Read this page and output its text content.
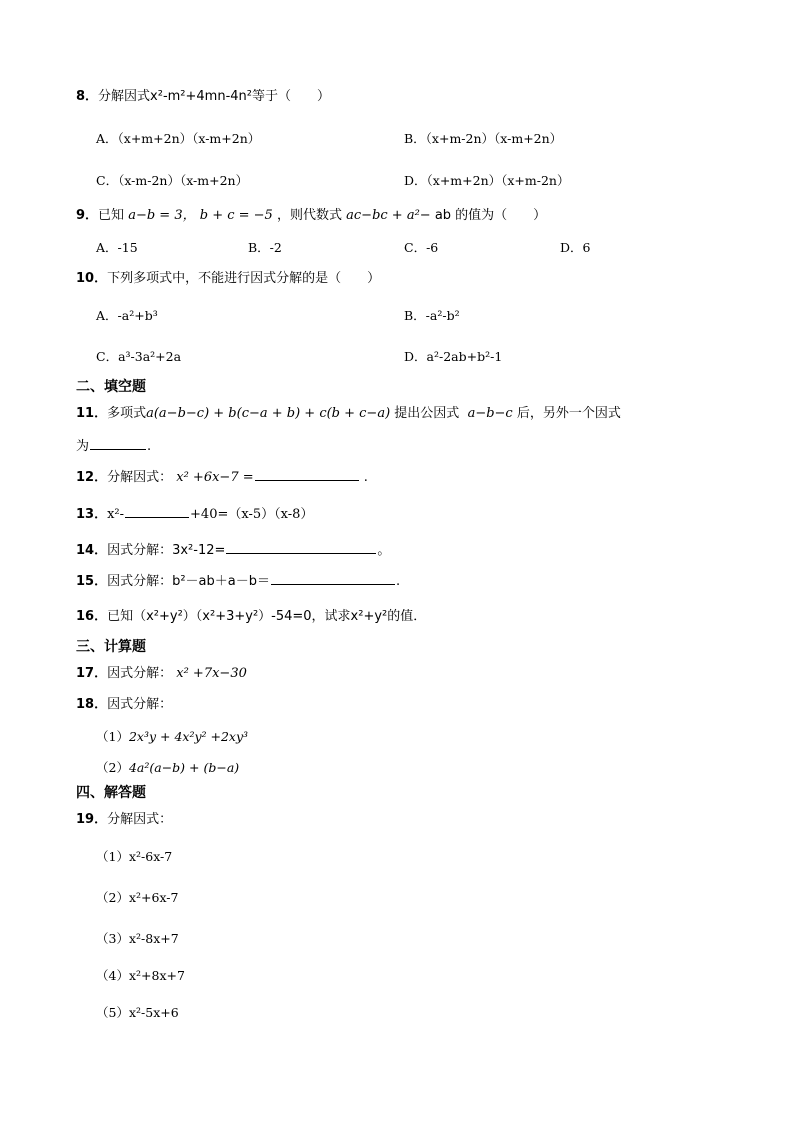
8．分解因式x²-m²+4mn-4n²等于（　　）
A．（x+m+2n）（x-m+2n）	B．（x+m-2n）（x-m+2n）
C．（x-m-2n）（x-m+2n）	D．（x+m+2n）（x+m-2n）
9．已知 a−b = 3， b + c = −5 ，则代数式 ac−bc + a²− ab 的值为（　　）
A．-15	B．-2	C．-6	D．6
10．下列多项式中，不能进行因式分解的是（　　）
A．-a²+b³	B．-a²-b²
C．a³-3a²+2a	D．a²-2ab+b²-1
二、填空题
11．多项式a(a−b−c) + b(c−a + b) + c(b + c−a) 提出公因式 a−b−c 后，另外一个因式
为	.
12．分解因式： x² +6x−7 =	.
13．x²-	+40=（x-5）（x-8）
14．因式分解：3x²-12=	。
15．因式分解：b²－ab＋a－b＝	.
16．已知（x²+y²）（x²+3+y²）-54=0，试求x²+y²的值．
三、计算题
17．因式分解： x² +7x−30
18．因式分解：
（1）2x³y + 4x²y² +2xy³
（2）4a²(a−b) + (b−a)
四、解答题
19．分解因式：
（1）x²-6x-7
（2）x²+6x-7
（3）x²-8x+7
（4）x²+8x+7
（5）x²-5x+6
